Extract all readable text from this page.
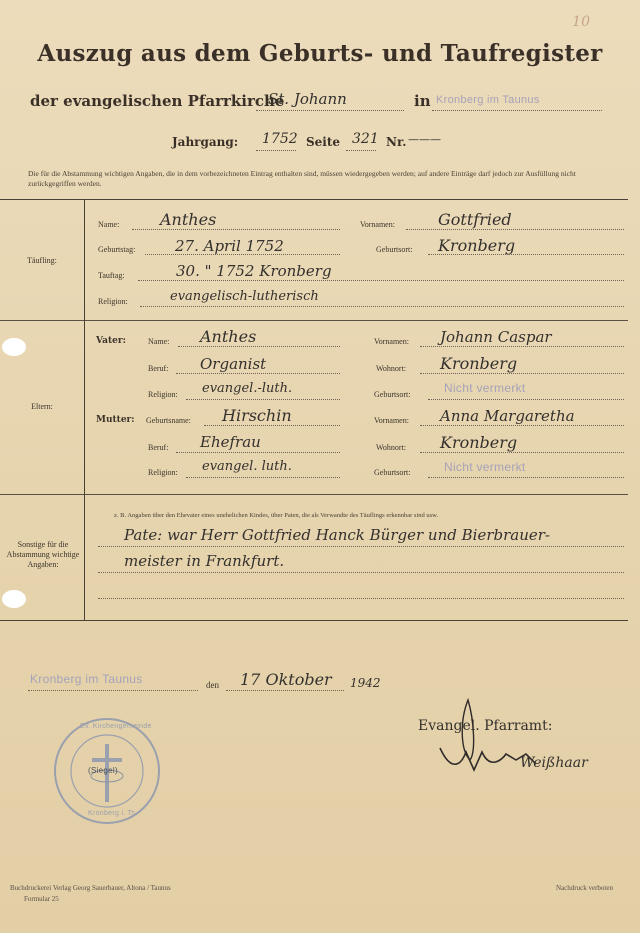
10
Auszug aus dem Geburts- und Taufregister
der evangelischen Pfarrkirche
St. Johann	in Kronberg im Taunus
Jahrgang: 1752 Seite 321 Nr. ———
Die für die Abstammung wichtigen Angaben, die in dem vorbezeichneten Eintrag enthalten sind, müssen wiedergegeben werden; auf andere Einträge darf jedoch zur Ausfüllung nicht zurückgegriffen werden.
Täufling:
Name:	Anthes	Vornamen:	Gottfried
Geburtstag:	27. April 1752	Geburtsort: Kronberg
Tauftag:	30. " 1752 Kronberg
Religion:	evangelisch-lutherisch
Eltern:
Vater:	Name: Anthes	Vornamen: Johann Caspar
Beruf: Organist	Wohnort: Kronberg
Religion: evangel.-luth.	Geburtsort:	Nicht vermerkt
Mutter: Geburtsname: Hirschin	Vornamen: Anna Margaretha
Beruf: Ehefrau	Wohnort: Kronberg
Religion: evangel. luth.	Geburtsort:	Nicht vermerkt
Sonstige für die Abstammung wichtige Angaben:
z. B. Angaben über den Ehevater eines unehelichen Kindes, über Paten, die als Verwandte des Täuflings erkennbar sind usw.
Pate: war Herr Gottfried Hanck Bürger und Bierbrauer-
meister in Frankfurt.
Kronberg im Taunus	den 17 Oktober 1942
Evangel. Pfarramt:
Weißhaar
Ev. Kirchengemeinde
(Siegel)
Kronberg i. Ts.
Buchdruckerei Verlag Georg Sauerbauer, Altona / Taunus
Formular 25
Nachdruck verboten
